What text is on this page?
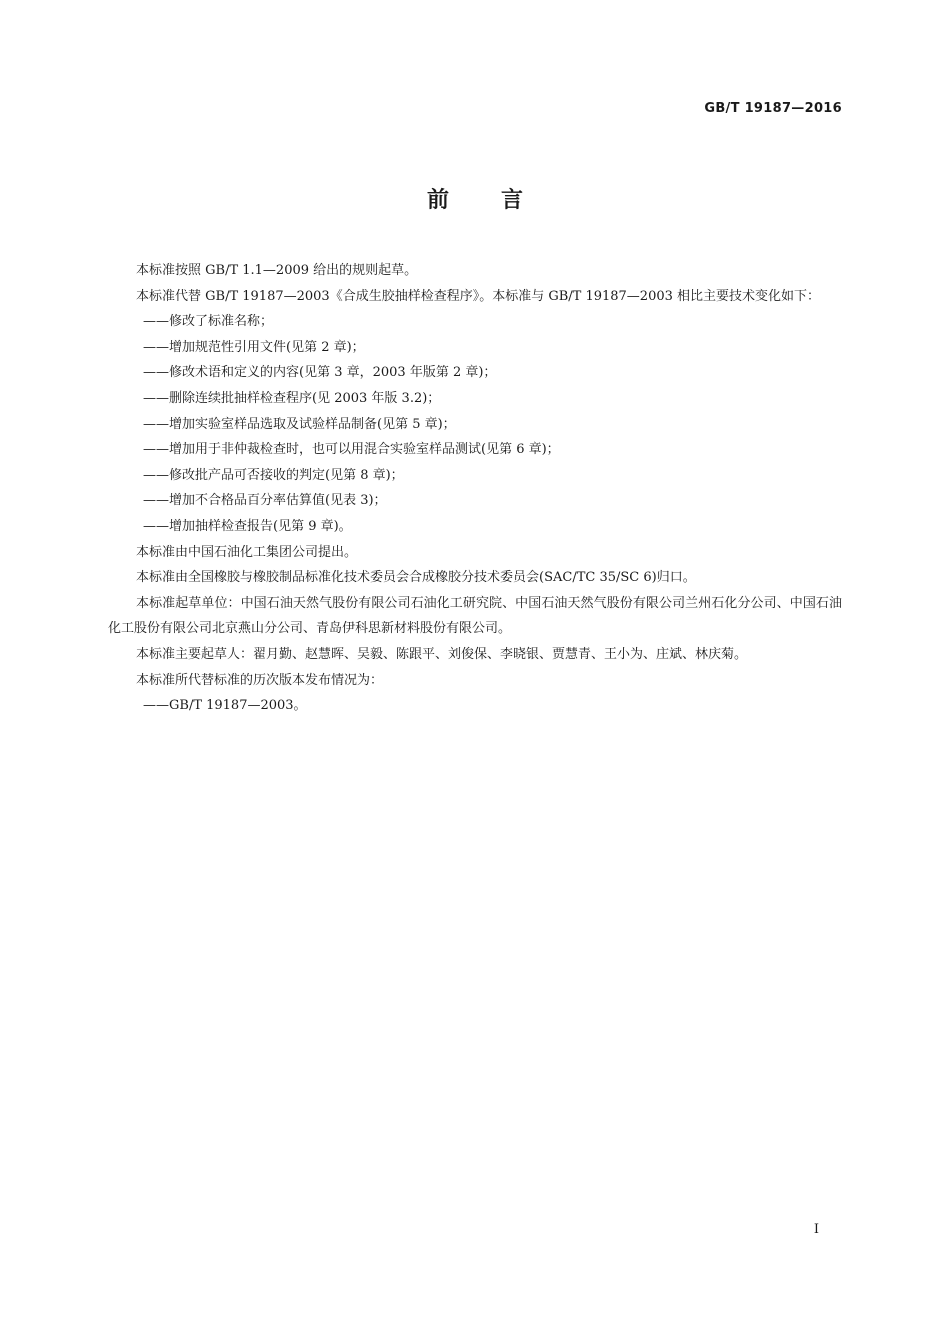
GB/T 19187—2016
前言

本标准按照 GB/T 1.1—2009 给出的规则起草。

本标准代替 GB/T 19187—2003《合成生胶抽样检查程序》。本标准与 GB/T 19187—2003 相比主要技术变化如下：

——修改了标准名称；

——增加规范性引用文件(见第 2 章)；

——修改术语和定义的内容(见第 3 章，2003 年版第 2 章)；

——删除连续批抽样检查程序(见 2003 年版 3.2)；

——增加实验室样品选取及试验样品制备(见第 5 章)；

——增加用于非仲裁检查时，也可以用混合实验室样品测试(见第 6 章)；

——修改批产品可否接收的判定(见第 8 章)；

——增加不合格品百分率估算值(见表 3)；

——增加抽样检查报告(见第 9 章)。

本标准由中国石油化工集团公司提出。

本标准由全国橡胶与橡胶制品标准化技术委员会合成橡胶分技术委员会(SAC/TC 35/SC 6)归口。

本标准起草单位：中国石油天然气股份有限公司石油化工研究院、中国石油天然气股份有限公司兰州石化分公司、中国石油化工股份有限公司北京燕山分公司、青岛伊科思新材料股份有限公司。

本标准主要起草人：翟月勤、赵慧晖、吴毅、陈跟平、刘俊保、李晓银、贾慧青、王小为、庄斌、林庆菊。

本标准所代替标准的历次版本发布情况为：

——GB/T 19187—2003。

I
